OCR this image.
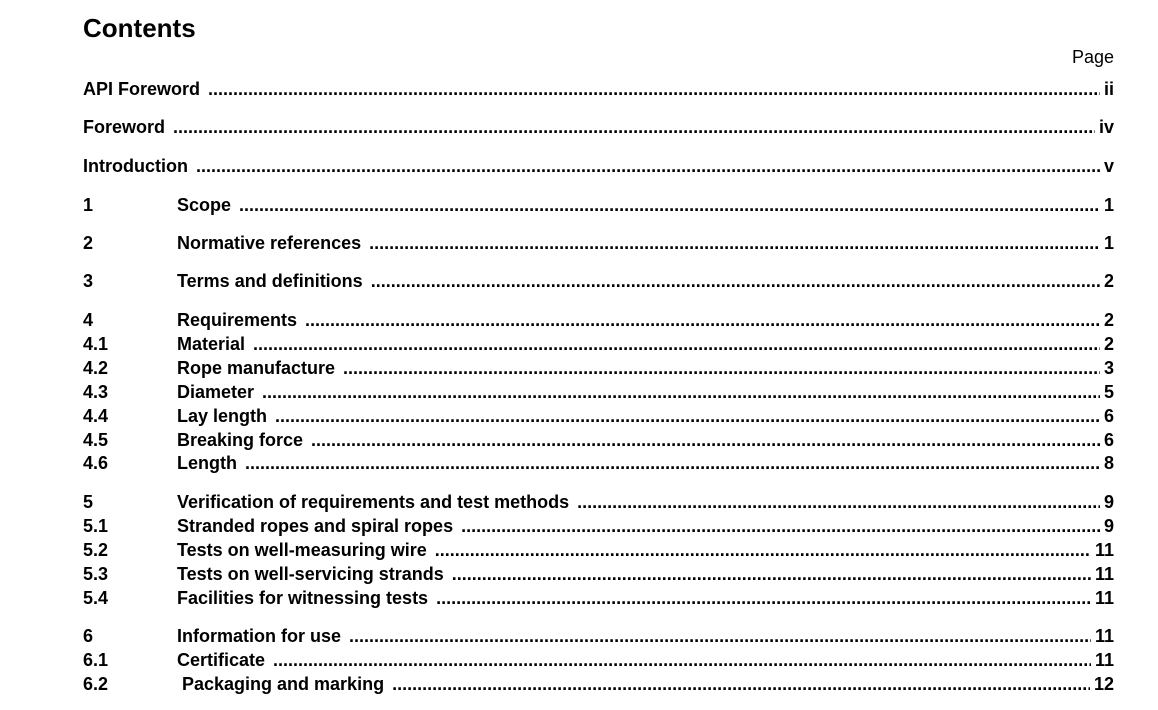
Contents
Page
API Foreword .....	ii
Foreword .....	iv
Introduction .....	v
1	Scope .....	1
2	Normative references .....	1
3	Terms and definitions .....	2
4	Requirements .....	2
4.1	Material .....	2
4.2	Rope manufacture .....	3
4.3	Diameter .....	5
4.4	Lay length .....	6
4.5	Breaking force .....	6
4.6	Length .....	8
5	Verification of requirements and test methods .....	9
5.1	Stranded ropes and spiral ropes .....	9
5.2	Tests on well-measuring wire .....	11
5.3	Tests on well-servicing strands .....	11
5.4	Facilities for witnessing tests .....	11
6	Information for use .....	11
6.1	Certificate .....	11
6.2	Packaging and marking .....	12
